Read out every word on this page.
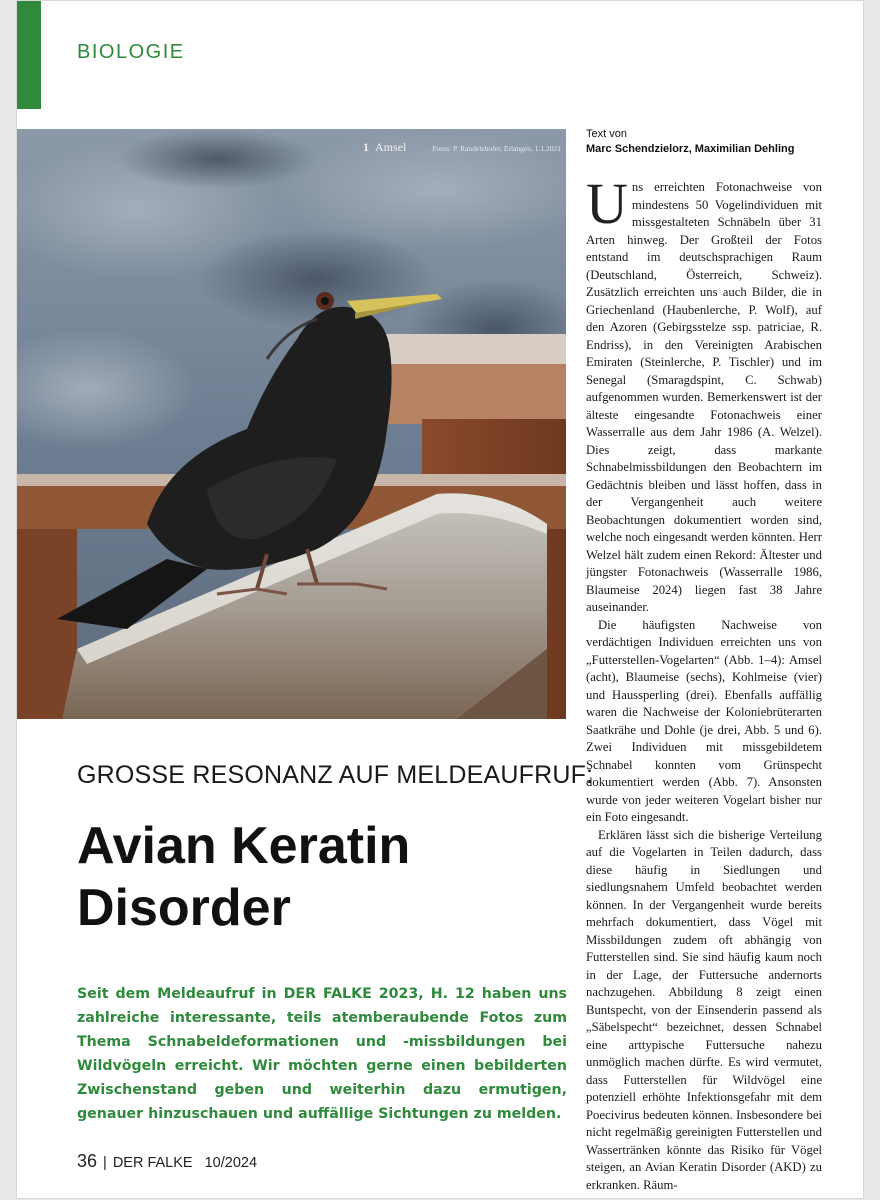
BIOLOGIE
1 Amsel	Fotos: P. Randelzhofer, Erlangen, 1.1.2021
GROSSE RESONANZ AUF MELDEAUFRUF:
Avian Keratin
Disorder
Seit dem Meldeaufruf in DER FALKE 2023, H. 12 haben uns zahlreiche interessante, teils atemberaubende Fotos zum Thema Schnabeldeformationen und -missbildungen bei Wildvögeln erreicht. Wir möchten gerne einen bebilderten Zwischenstand geben und weiterhin dazu ermutigen, genauer hinzuschauen und auffällige Sichtungen zu melden.
36 | DER FALKE 10/2024
Text von
Marc Schendzielorz, Maximilian Dehling

Uns erreichten Fotonachweise von mindestens 50 Vogelindividuen mit missgestalteten Schnäbeln über 31 Arten hinweg. Der Großteil der Fotos entstand im deutschsprachigen Raum (Deutschland, Österreich, Schweiz). Zusätzlich erreichten uns auch Bilder, die in Griechenland (Haubenlerche, P. Wolf), auf den Azoren (Gebirgsstelze ssp. patriciae, R. Endriss), in den Vereinigten Arabischen Emiraten (Steinlerche, P. Tischler) und im Senegal (Smaragdspint, C. Schwab) aufgenommen wurden. Bemerkenswert ist der älteste eingesandte Fotonachweis einer Wasserralle aus dem Jahr 1986 (A. Welzel). Dies zeigt, dass markante Schnabelmissbildungen den Beobachtern im Gedächtnis bleiben und lässt hoffen, dass in der Vergangenheit auch weitere Beobachtungen dokumentiert worden sind, welche noch eingesandt werden könnten. Herr Welzel hält zudem einen Rekord: Ältester und jüngster Fotonachweis (Wasserralle 1986, Blaumeise 2024) liegen fast 38 Jahre auseinander.

Die häufigsten Nachweise von verdächtigen Individuen erreichten uns von „Futterstellen-Vogelarten“ (Abb. 1–4): Amsel (acht), Blaumeise (sechs), Kohlmeise (vier) und Haussperling (drei). Ebenfalls auffällig waren die Nachweise der Koloniebrüterarten Saatkrähe und Dohle (je drei, Abb. 5 und 6). Zwei Individuen mit missgebildetem Schnabel konnten vom Grünspecht dokumentiert werden (Abb. 7). Ansonsten wurde von jeder weiteren Vogelart bisher nur ein Foto eingesandt.

Erklären lässt sich die bisherige Verteilung auf die Vogelarten in Teilen dadurch, dass diese häufig in Siedlungen und siedlungsnahem Umfeld beobachtet werden können. In der Vergangenheit wurde bereits mehrfach dokumentiert, dass Vögel mit Missbildungen zudem oft abhängig von Futterstellen sind. Sie sind häufig kaum noch in der Lage, der Futtersuche andernorts nachzugehen. Abbildung 8 zeigt einen Buntspecht, von der Einsenderin passend als „Säbelspecht“ bezeichnet, dessen Schnabel eine arttypische Futtersuche nahezu unmöglich machen dürfte. Es wird vermutet, dass Futterstellen für Wildvögel eine potenziell erhöhte Infektionsgefahr mit dem Poecivirus bedeuten können. Insbesondere bei nicht regelmäßig gereinigten Futterstellen und Wassertränken könnte das Risiko für Vögel steigen, an Avian Keratin Disorder (AKD) zu erkranken. Räum-
